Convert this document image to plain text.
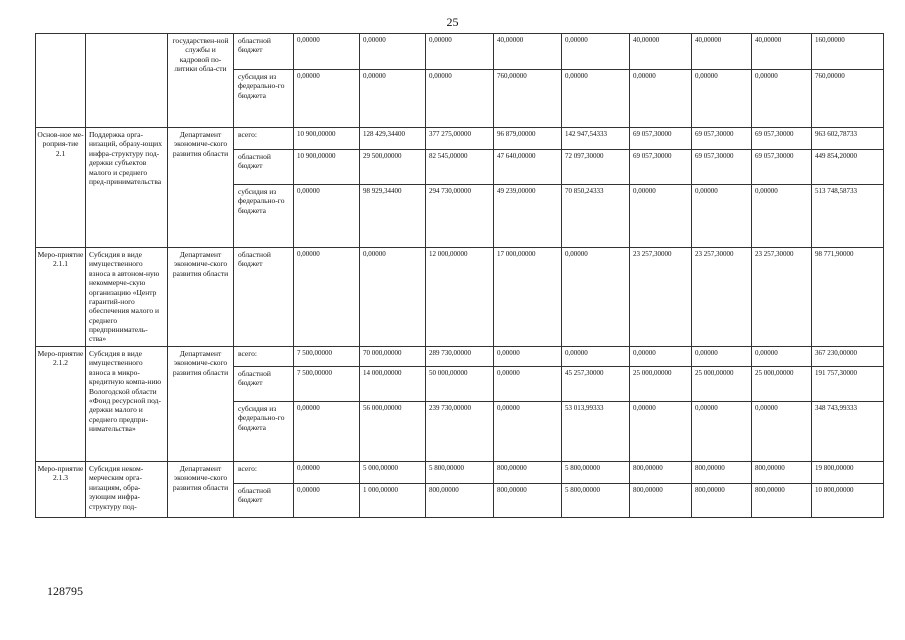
25
		государствен-ной службы и кадровой по-литики обла-сти	областной бюджет	0,00000	0,00000	0,00000	40,00000	0,00000	40,00000	40,00000	40,00000	160,00000
			субсидия из федерально-го бюджета	0,00000	0,00000	0,00000	760,00000	0,00000	0,00000	0,00000	0,00000	760,00000
Основ-ное ме-роприя-тие 2.1	Поддержка орга-низаций, образу-ющих инфра-структуру под-держки субъектов малого и среднего пред-принимательства	Департамент экономиче-ского развития области	всего:	10 900,00000	128 429,34400	377 275,00000	96 879,00000	142 947,54333	69 057,30000	69 057,30000	69 057,30000	963 602,78733
			областной бюджет	10 900,00000	29 500,00000	82 545,00000	47 640,00000	72 097,30000	69 057,30000	69 057,30000	69 057,30000	449 854,20000
			субсидия из федерально-го бюджета	0,00000	98 929,34400	294 730,00000	49 239,00000	70 850,24333	0,00000	0,00000	0,00000	513 748,58733
Меро-приятие 2.1.1	Субсидия в виде имущественного взноса в автоном-ную некоммерче-скую организацию «Центр гарантий-ного обеспечения малого и среднего предприниматель-ства»	Департамент экономиче-ского развития области	областной бюджет	0,00000	0,00000	12 000,00000	17 000,00000	0,00000	23 257,30000	23 257,30000	23 257,30000	98 771,90000
Меро-приятие 2.1.2	Субсидия в виде имущественного взноса в микро-кредитную компа-нию Вологодской области «Фонд ресурсной под-держки малого и среднего предпри-нимательства»	Департамент экономиче-ского развития области	всего:	7 500,00000	70 000,00000	289 730,00000	0,00000	0,00000	0,00000	0,00000	0,00000	367 230,00000
			областной бюджет	7 500,00000	14 000,00000	50 000,00000	0,00000	45 257,30000	25 000,00000	25 000,00000	25 000,00000	191 757,30000
			субсидия из федерально-го бюджета	0,00000	56 000,00000	239 730,00000	0,00000	53 013,99333	0,00000	0,00000	0,00000	348 743,99333
Меро-приятие 2.1.3	Субсидия неком-мерческим орга-низациям, обра-зующим инфра-структуру под-	Департамент экономиче-ского развития области	всего:	0,00000	5 000,00000	5 800,00000	800,00000	5 800,00000	800,00000	800,00000	800,00000	19 800,00000
			областной бюджет	0,00000	1 000,00000	800,00000	800,00000	5 800,00000	800,00000	800,00000	800,00000	10 800,00000
128795
